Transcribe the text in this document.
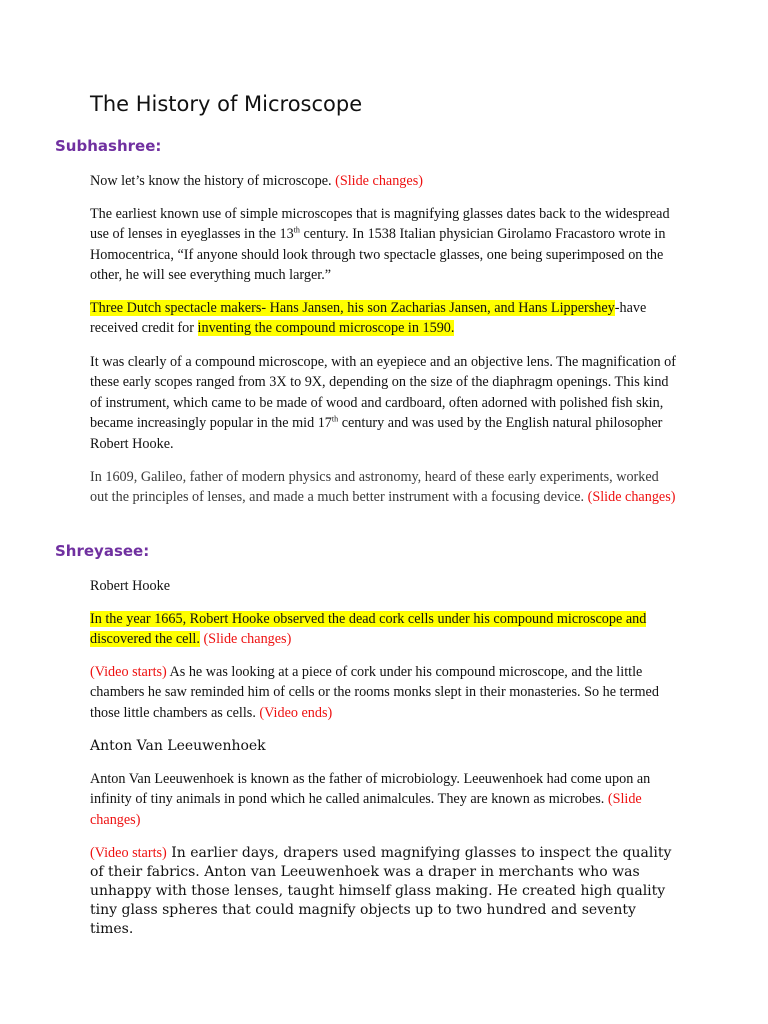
The History of Microscope
Subhashree:

Now let’s know the history of microscope. (Slide changes)

The earliest known use of simple microscopes that is magnifying glasses dates back to the widespread use of lenses in eyeglasses in the 13th century. In 1538 Italian physician Girolamo Fracastoro wrote in Homocentrica, “If anyone should look through two spectacle glasses, one being superimposed on the other, he will see everything much larger.”

Three Dutch spectacle makers- Hans Jansen, his son Zacharias Jansen, and Hans Lippershey-have received credit for inventing the compound microscope in 1590.

It was clearly of a compound microscope, with an eyepiece and an objective lens. The magnification of these early scopes ranged from 3X to 9X, depending on the size of the diaphragm openings. This kind of instrument, which came to be made of wood and cardboard, often adorned with polished fish skin, became increasingly popular in the mid 17th century and was used by the English natural philosopher Robert Hooke.

In 1609, Galileo, father of modern physics and astronomy, heard of these early experiments, worked out the principles of lenses, and made a much better instrument with a focusing device. (Slide changes)

Shreyasee:

Robert Hooke

In the year 1665, Robert Hooke observed the dead cork cells under his compound microscope and discovered the cell. (Slide changes)

(Video starts) As he was looking at a piece of cork under his compound microscope, and the little chambers he saw reminded him of cells or the rooms monks slept in their monasteries. So he termed those little chambers as cells. (Video ends)

Anton Van Leeuwenhoek

Anton Van Leeuwenhoek is known as the father of microbiology. Leeuwenhoek had come upon an infinity of tiny animals in pond which he called animalcules. They are known as microbes. (Slide changes)

(Video starts) In earlier days, drapers used magnifying glasses to inspect the quality of their fabrics. Anton van Leeuwenhoek was a draper in merchants who was unhappy with those lenses, taught himself glass making. He created high quality tiny glass spheres that could magnify objects up to two hundred and seventy times.
